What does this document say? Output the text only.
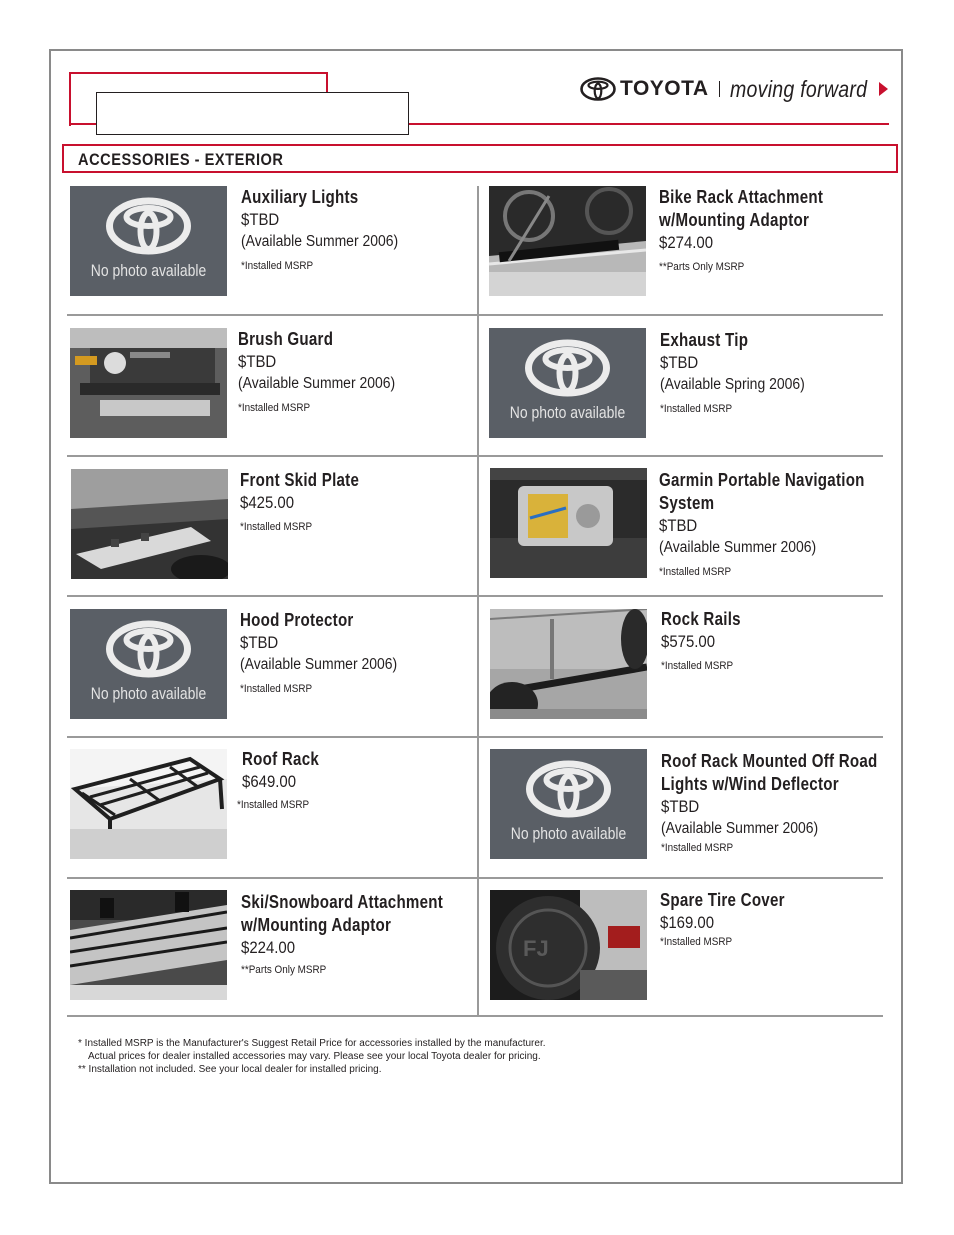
TOYOTA moving forward
ACCESSORIES - EXTERIOR
No photo available
Auxiliary Lights
$TBD
(Available Summer 2006)
*Installed MSRP
Bike Rack Attachment w/Mounting Adaptor
$274.00
**Parts Only MSRP
Brush Guard
$TBD
(Available Summer 2006)
*Installed MSRP	No photo available
Exhaust Tip
$TBD
(Available Spring 2006)
*Installed MSRP
Front Skid Plate
$425.00
*Installed MSRP
Garmin Portable Navigation System
$TBD
(Available Summer 2006)
*Installed MSRP
No photo available
Hood Protector
$TBD
(Available Summer 2006)
*Installed MSRP
Rock Rails
$575.00
*Installed MSRP
Roof Rack
$649.00
*Installed MSRP
No photo available
Roof Rack Mounted Off Road Lights w/Wind Deflector
$TBD
(Available Summer 2006)
*Installed MSRP
Ski/Snowboard Attachment w/Mounting Adaptor
$224.00
**Parts Only MSRP
FJ
Spare Tire Cover
$169.00
*Installed MSRP
* Installed MSRP is the Manufacturer's Suggest Retail Price for accessories installed by the manufacturer.
Actual prices for dealer installed accessories may vary. Please see your local Toyota dealer for pricing.
** Installation not included. See your local dealer for installed pricing.
